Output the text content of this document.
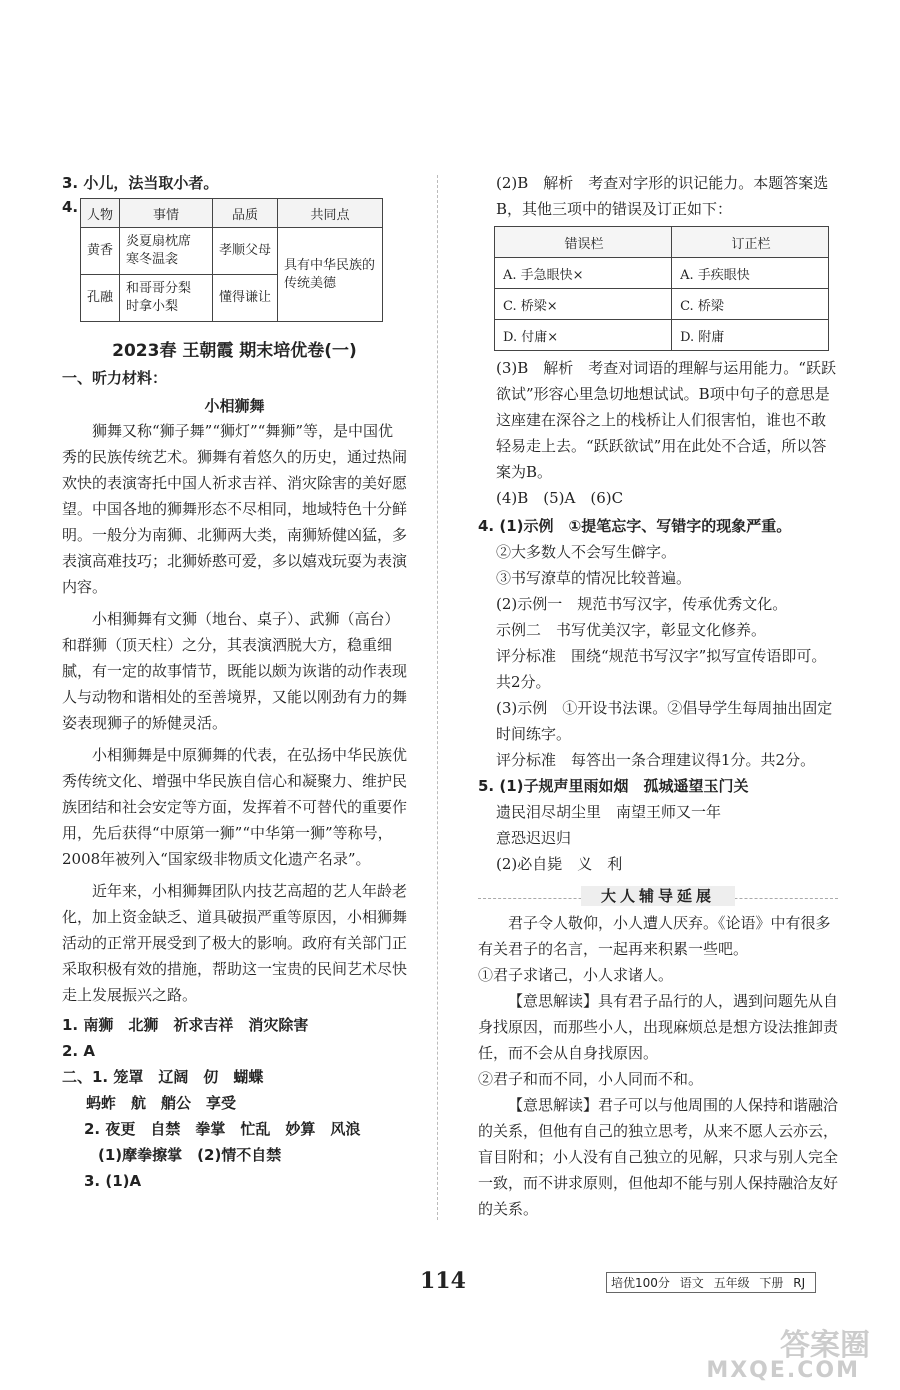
3. 小儿，法当取小者。

4. 人物	事情	品质	共同点
黄香	炎夏扇枕席 寒冬温衾	孝顺父母	具有中华民族的传统美德
孔融	和哥哥分梨 时拿小梨	懂得谦让	
2023春 王朝霞 期末培优卷(一)

一、听力材料：

小相狮舞

狮舞又称“狮子舞”“狮灯”“舞狮”等，是中国优秀的民族传统艺术。狮舞有着悠久的历史，通过热闹欢快的表演寄托中国人祈求吉祥、消灾除害的美好愿望。中国各地的狮舞形态不尽相同，地域特色十分鲜明。一般分为南狮、北狮两大类，南狮矫健凶猛，多表演高难技巧；北狮娇憨可爱，多以嬉戏玩耍为表演内容。

小相狮舞有文狮（地台、桌子）、武狮（高台）和群狮（顶天柱）之分，其表演洒脱大方，稳重细腻，有一定的故事情节，既能以颇为诙谐的动作表现人与动物和谐相处的至善境界，又能以刚劲有力的舞姿表现狮子的矫健灵活。

小相狮舞是中原狮舞的代表，在弘扬中华民族优秀传统文化、增强中华民族自信心和凝聚力、维护民族团结和社会安定等方面，发挥着不可替代的重要作用，先后获得“中原第一狮”“中华第一狮”等称号，2008年被列入“国家级非物质文化遗产名录”。

近年来，小相狮舞团队内技艺高超的艺人年龄老化，加上资金缺乏、道具破损严重等原因，小相狮舞活动的正常开展受到了极大的影响。政府有关部门正采取积极有效的措施，帮助这一宝贵的民间艺术尽快走上发展振兴之路。

1. 南狮　北狮　祈求吉祥　消灾除害

2. A

二、1. 笼罩　辽阔　仞　蝴蝶

蚂蚱　航　艄公　享受

2. 夜更　自禁　拳掌　忙乱　妙算　风浪

(1)摩拳擦掌　(2)情不自禁

3. (1)A

(2)B　解析　考查对字形的识记能力。本题答案选B，其他三项中的错误及订正如下：

错误栏	订正栏
A. 手急眼快×	A. 手疾眼快
C. 桥梁×	C. 桥梁
D. 付庸×	D. 附庸

(3)B　解析　考查对词语的理解与运用能力。“跃跃欲试”形容心里急切地想试试。B项中句子的意思是这座建在深谷之上的栈桥让人们很害怕，谁也不敢轻易走上去。“跃跃欲试”用在此处不合适，所以答案为B。

(4)B　(5)A　(6)C

4. (1)示例　①提笔忘字、写错字的现象严重。

②大多数人不会写生僻字。

③书写潦草的情况比较普遍。

(2)示例一　规范书写汉字，传承优秀文化。

示例二　书写优美汉字，彰显文化修养。

评分标准　围绕“规范书写汉字”拟写宣传语即可。共2分。

(3)示例　①开设书法课。②倡导学生每周抽出固定时间练字。

评分标准　每答出一条合理建议得1分。共2分。

5. (1)子规声里雨如烟　孤城遥望玉门关

遗民泪尽胡尘里　南望王师又一年

意恐迟迟归

(2)必自毙　义　利

大人辅导延展

君子令人敬仰，小人遭人厌弃。《论语》中有很多有关君子的名言，一起再来积累一些吧。

①君子求诸己，小人求诸人。

【意思解读】具有君子品行的人，遇到问题先从自身找原因，而那些小人，出现麻烦总是想方设法推卸责任，而不会从自身找原因。

②君子和而不同，小人同而不和。

【意思解读】君子可以与他周围的人保持和谐融洽的关系，但他有自己的独立思考，从来不愿人云亦云，盲目附和；小人没有自己独立的见解，只求与别人完全一致，而不讲求原则，但他却不能与别人保持融洽友好的关系。

114	培优100分 语文 五年级 下册 RJ
答案圈
MXQE.COM
